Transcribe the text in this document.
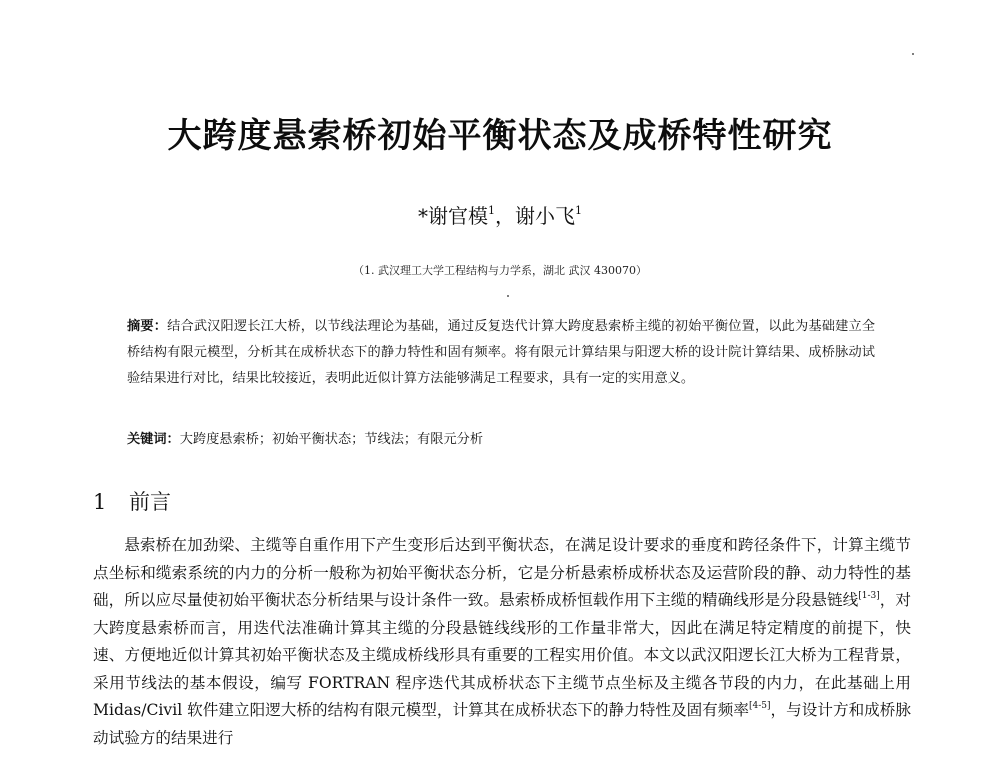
大跨度悬索桥初始平衡状态及成桥特性研究
*谢官模$^1$，谢小飞$^1$
（1. 武汉理工大学工程结构与力学系，湖北 武汉 430070）
摘要：结合武汉阳逻长江大桥，以节线法理论为基础，通过反复迭代计算大跨度悬索桥主缆的初始平衡位置，以此为基础建立全桥结构有限元模型，分析其在成桥状态下的静力特性和固有频率。将有限元计算结果与阳逻大桥的设计院计算结果、成桥脉动试验结果进行对比，结果比较接近，表明此近似计算方法能够满足工程要求，具有一定的实用意义。
关键词：大跨度悬索桥；初始平衡状态；节线法；有限元分析
1 前言

悬索桥在加劲梁、主缆等自重作用下产生变形后达到平衡状态，在满足设计要求的垂度和跨径条件下，计算主缆节点坐标和缆索系统的内力的分析一般称为初始平衡状态分析，它是分析悬索桥成桥状态及运营阶段的静、动力特性的基础，所以应尽量使初始平衡状态分析结果与设计条件一致。悬索桥成桥恒载作用下主缆的精确线形是分段悬链线[1-3]，对大跨度悬索桥而言，用迭代法准确计算其主缆的分段悬链线线形的工作量非常大，因此在满足特定精度的前提下，快速、方便地近似计算其初始平衡状态及主缆成桥线形具有重要的工程实用价值。本文以武汉阳逻长江大桥为工程背景，采用节线法的基本假设，编写 FORTRAN 程序迭代其成桥状态下主缆节点坐标及主缆各节段的内力，在此基础上用 Midas/Civil 软件建立阳逻大桥的结构有限元模型，计算其在成桥状态下的静力特性及固有频率[4-5]，与设计方和成桥脉动试验方的结果进行
